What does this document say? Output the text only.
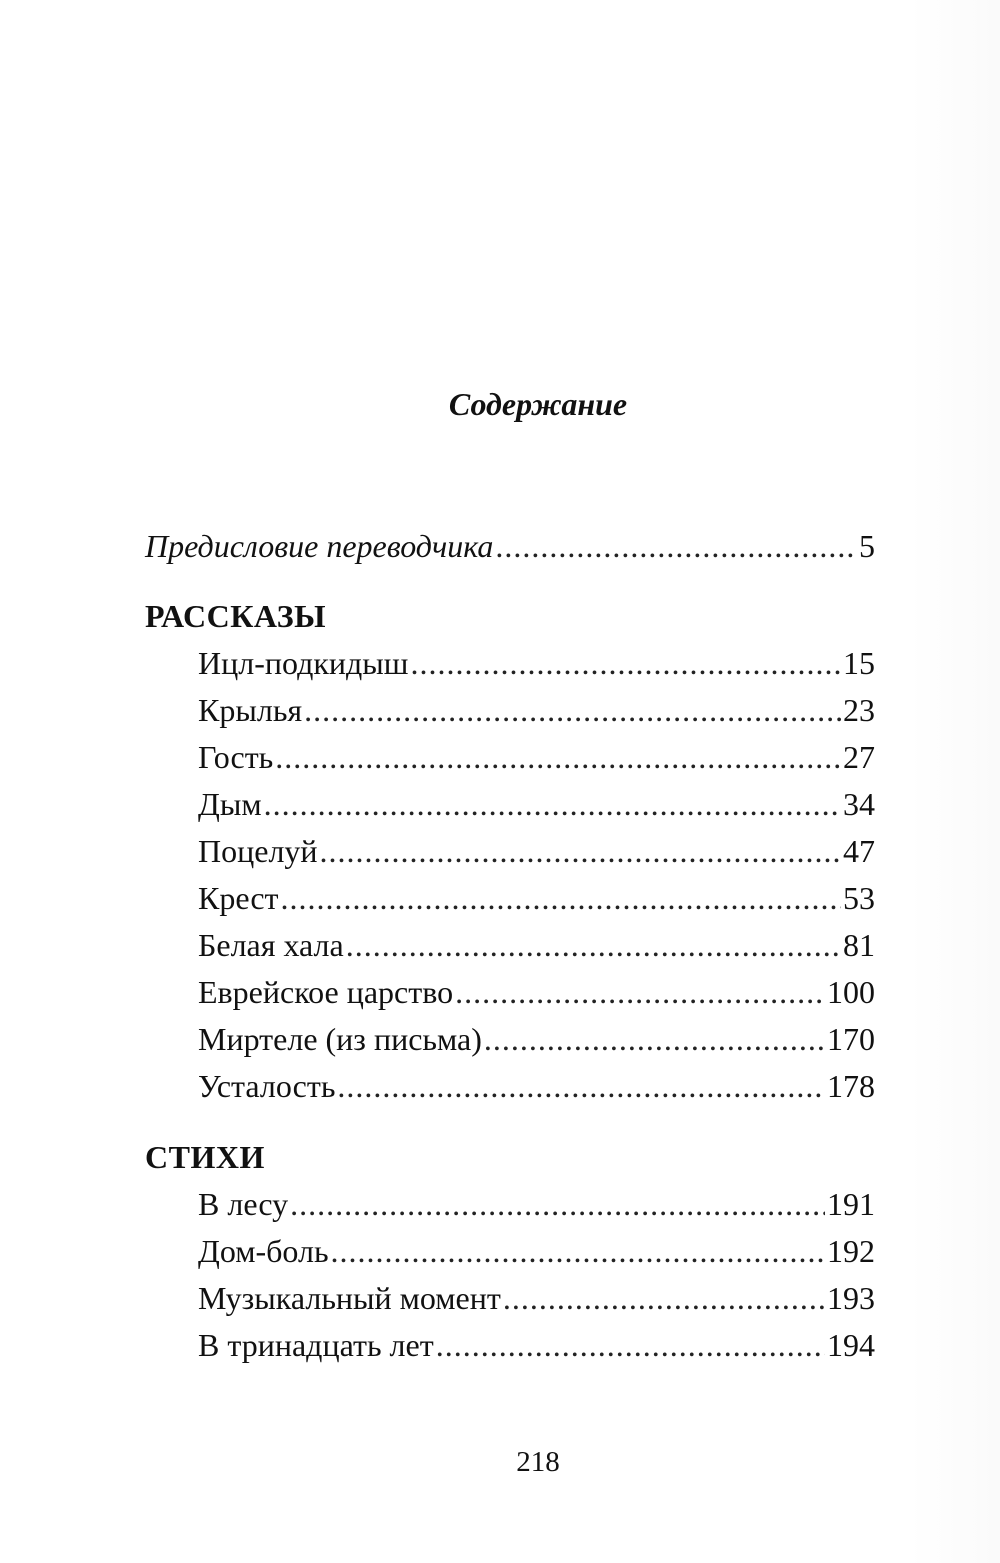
Содержание
Предисловие переводчика .....	5
РАССКАЗЫ
Ицл-подкидыш .....	15
Крылья .....	23
Гость .....	27
Дым .....	34
Поцелуй .....	47
Крест .....	53
Белая хала .....	81
Еврейское царство .....	100
Миртеле (из письма) .....	170
Усталость .....	178
СТИХИ
В лесу .....	191
Дом-боль .....	192
Музыкальный момент .....	193
В тринадцать лет .....	194
218
